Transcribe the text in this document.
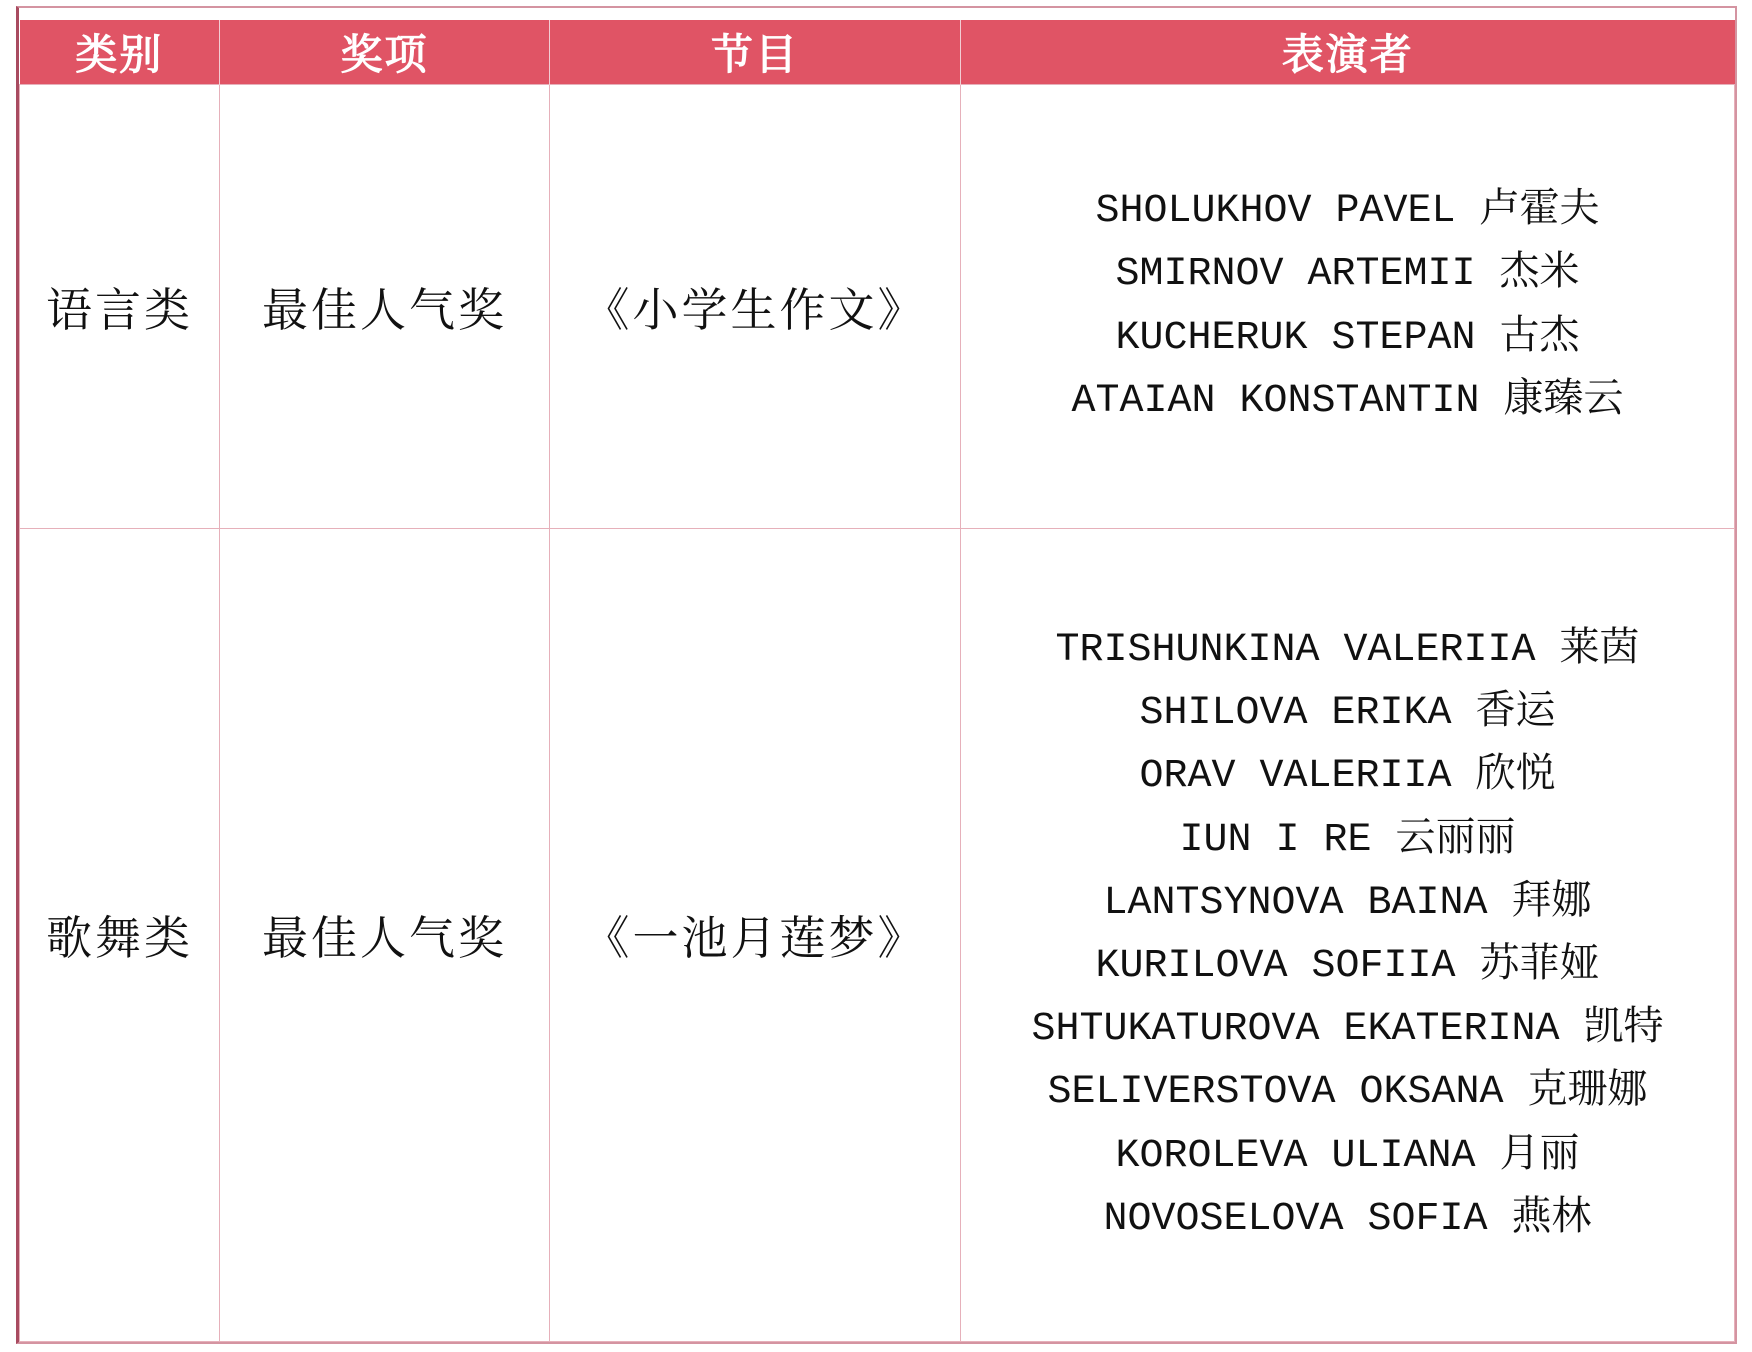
类别	奖项	节目	表演者
语言类	最佳人气奖	《小学生作文》	SHOLUKHOV PAVEL 卢霍夫
SMIRNOV ARTEMII 杰米
KUCHERUK STEPAN 古杰
ATAIAN KONSTANTIN 康臻云

歌舞类	最佳人气奖	《一池月莲梦》	
TRISHUNKINA VALERIIA 莱茵
SHILOVA ERIKA 香运
ORAV VALERIIA 欣悦
IUN I RE 云丽丽
LANTSYNOVA BAINA 拜娜
KURILOVA SOFIIA 苏菲娅
SHTUKATUROVA EKATERINA 凯特
SELIVERSTOVA OKSANA 克珊娜
KOROLEVA ULIANA 月丽
NOVOSELOVA SOFIA 燕林
